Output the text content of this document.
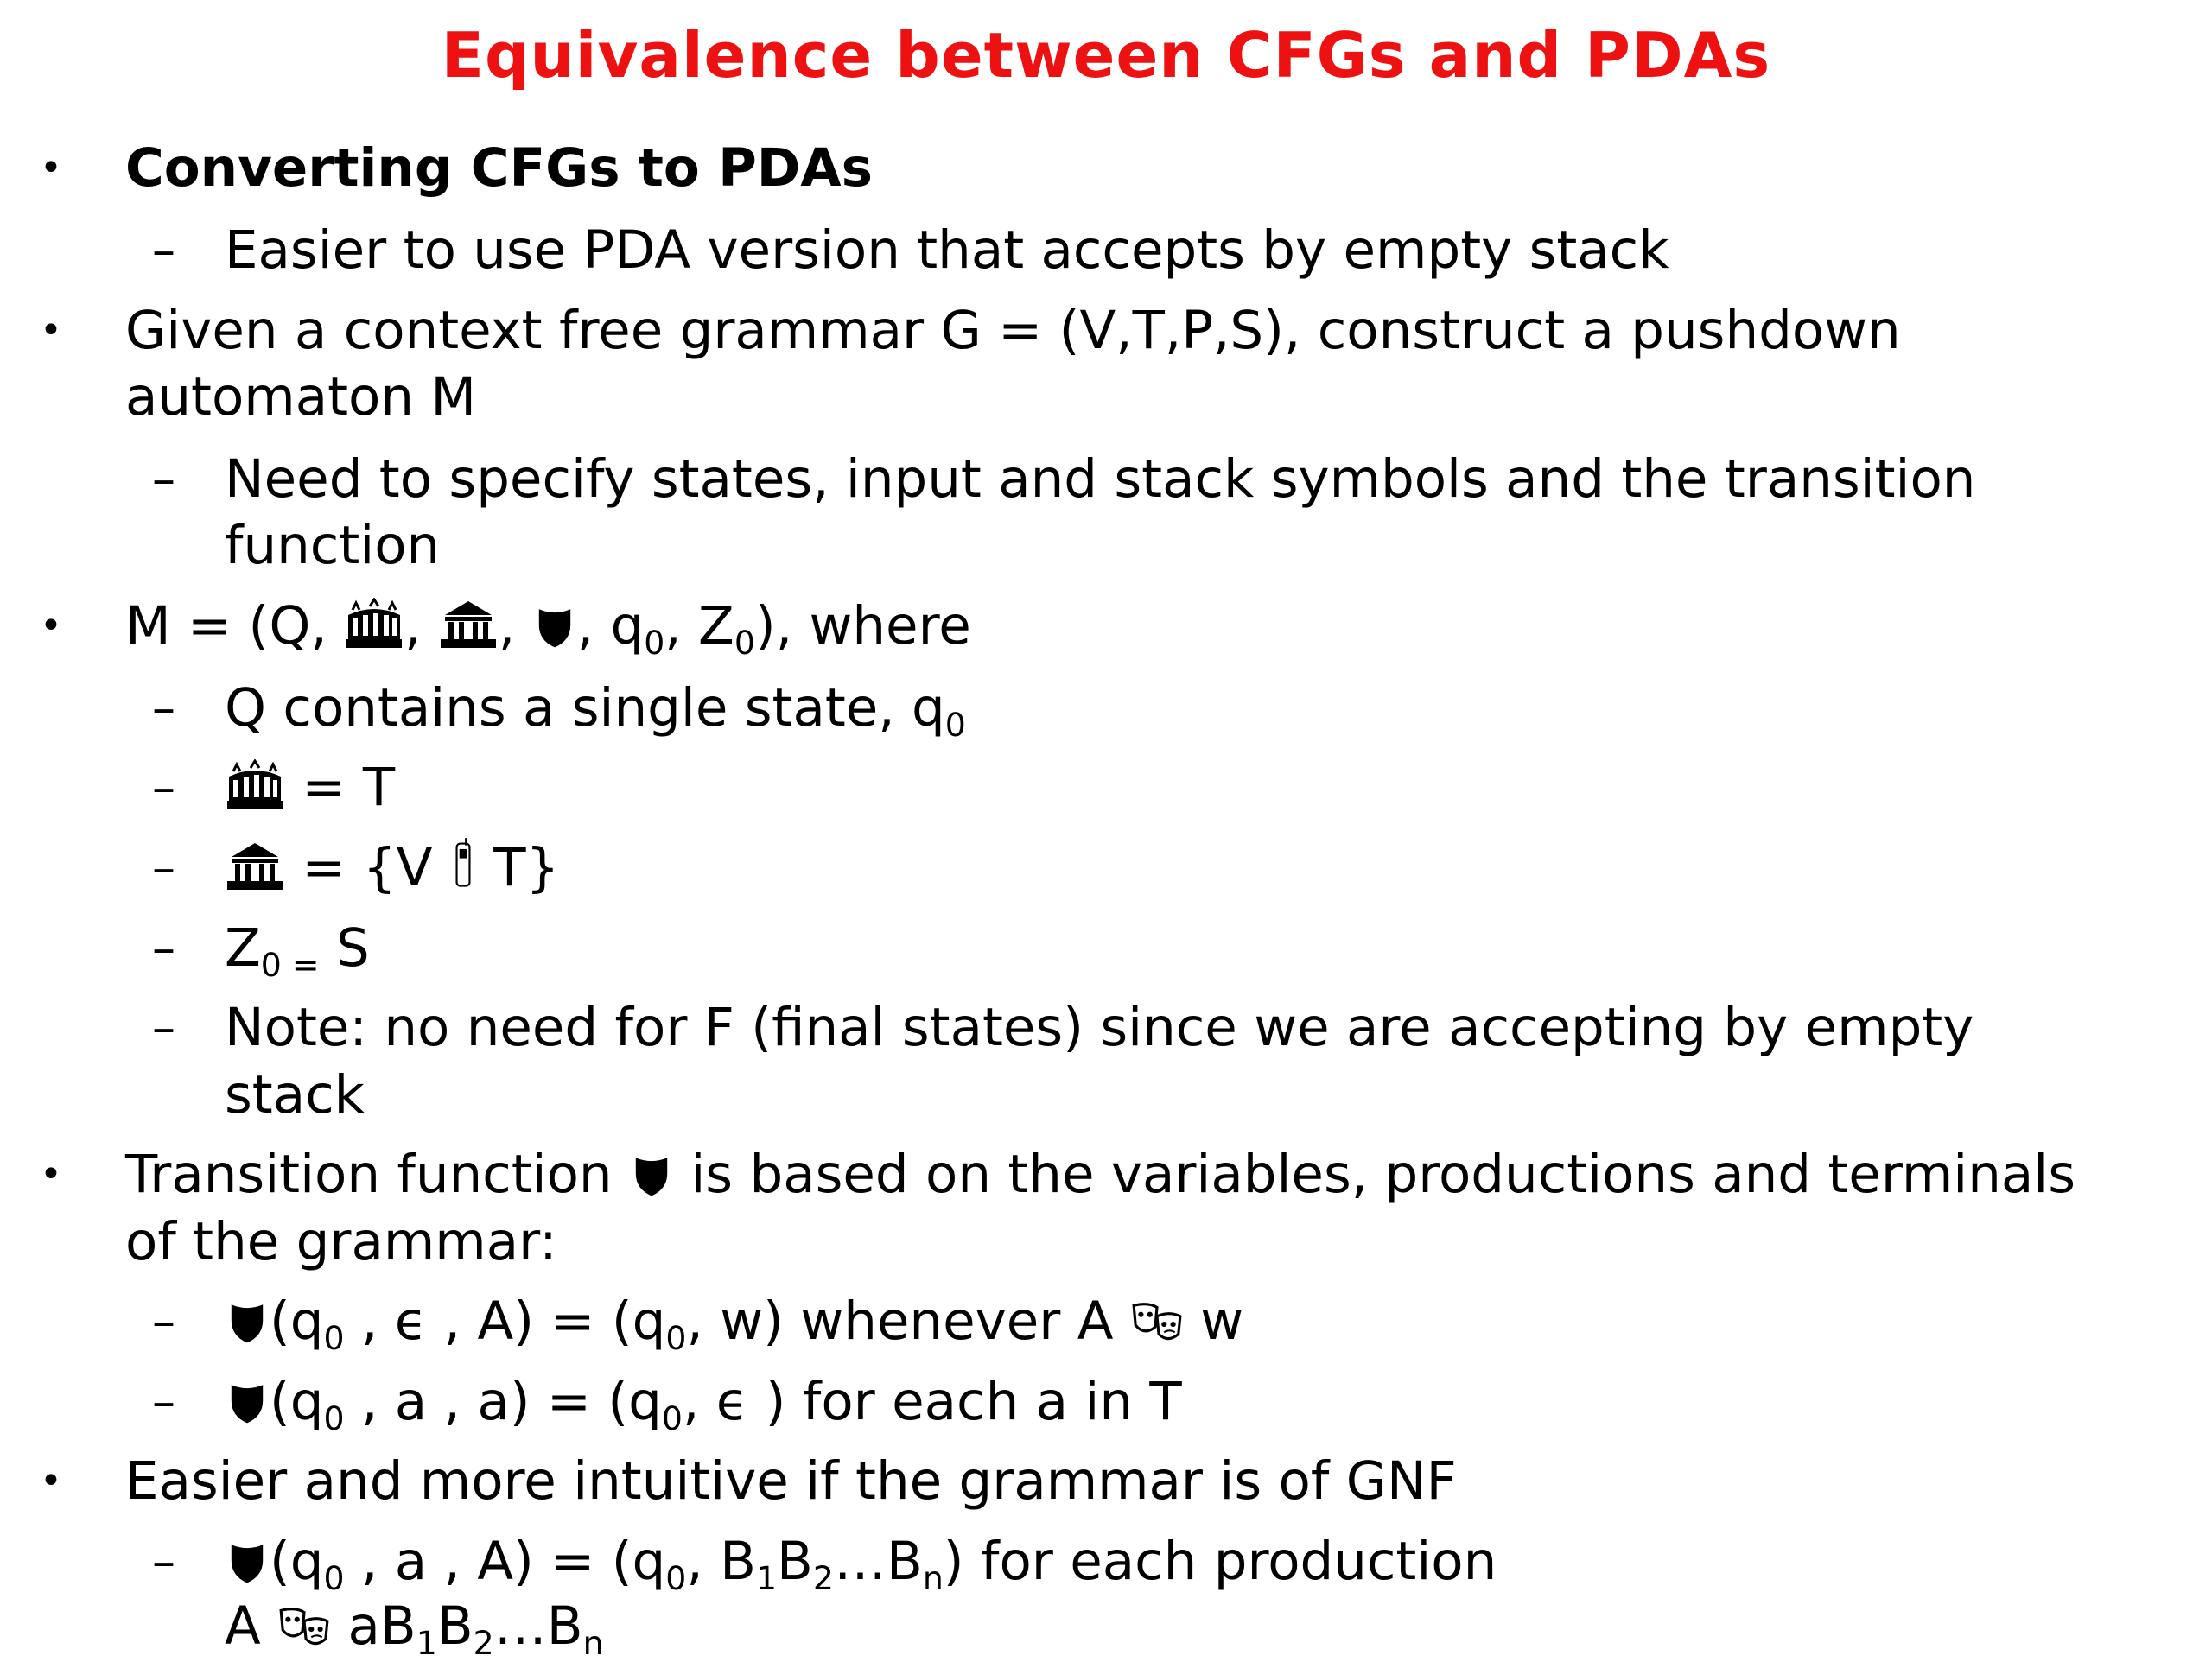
Equivalence between CFGs and PDAs
• Converting CFGs to PDAs

– Easier to use PDA version that accepts by empty stack

• Given a context free grammar G = (V,T,P,S), construct a pushdown

automaton M

– Need to specify states, input and stack symbols and the transition

function

• M = (Q, , , , $q_0$, $Z_0$), where

– Q contains a single state, $q_0$

–	= T

–	= {V  T}

– $Z_{0 =}$ S

– Note: no need for F (final states) since we are accepting by empty

stack

• Transition function  is based on the variables, productions and terminals

of the grammar:

–	($q_0$ , ϵ , $A) = (q_0$, w) whenever A  w

–	($q_0$ , a , $a) = (q_0$, ϵ ) for each a in T

• Easier and more intuitive if the grammar is of GNF

–	($q_0$ , a , $A) = (q_0$, $B_1B_2\dots B_n$) for each production

A  $aB_1B_2\dots B_n$
